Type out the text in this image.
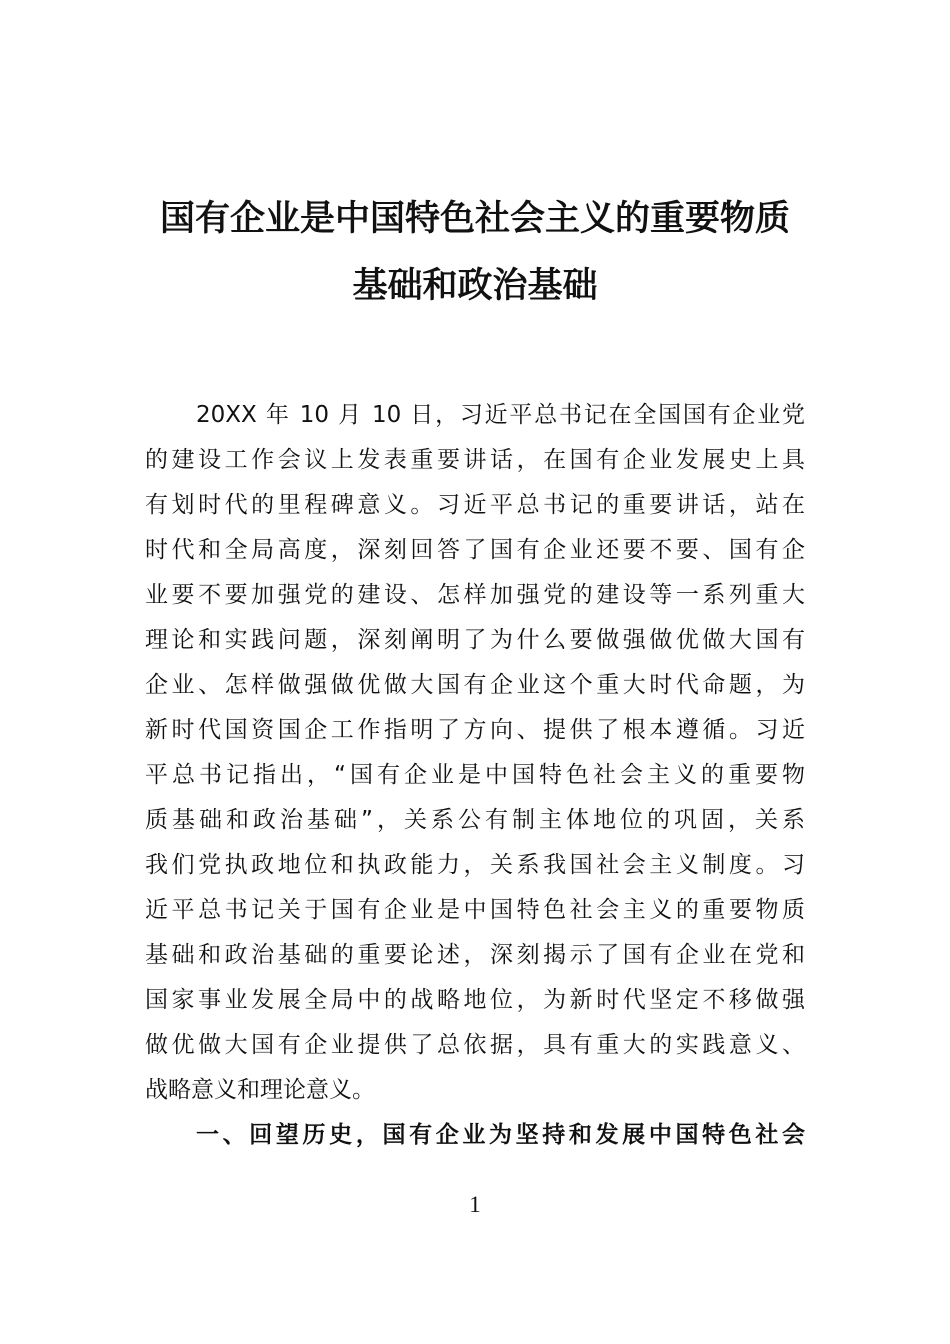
国有企业是中国特色社会主义的重要物质
基础和政治基础
20XX 年 10 月 10 日，习近平总书记在全国国有企业党
的建设工作会议上发表重要讲话，在国有企业发展史上具
有划时代的里程碑意义。习近平总书记的重要讲话，站在
时代和全局高度，深刻回答了国有企业还要不要、国有企
业要不要加强党的建设、怎样加强党的建设等一系列重大
理论和实践问题，深刻阐明了为什么要做强做优做大国有
企业、怎样做强做优做大国有企业这个重大时代命题，为
新时代国资国企工作指明了方向、提供了根本遵循。习近
平总书记指出，“国有企业是中国特色社会主义的重要物
质基础和政治基础”，关系公有制主体地位的巩固，关系
我们党执政地位和执政能力，关系我国社会主义制度。习
近平总书记关于国有企业是中国特色社会主义的重要物质
基础和政治基础的重要论述，深刻揭示了国有企业在党和
国家事业发展全局中的战略地位，为新时代坚定不移做强
做优做大国有企业提供了总依据，具有重大的实践意义、
战略意义和理论意义。
一、回望历史，国有企业为坚持和发展中国特色社会
1
